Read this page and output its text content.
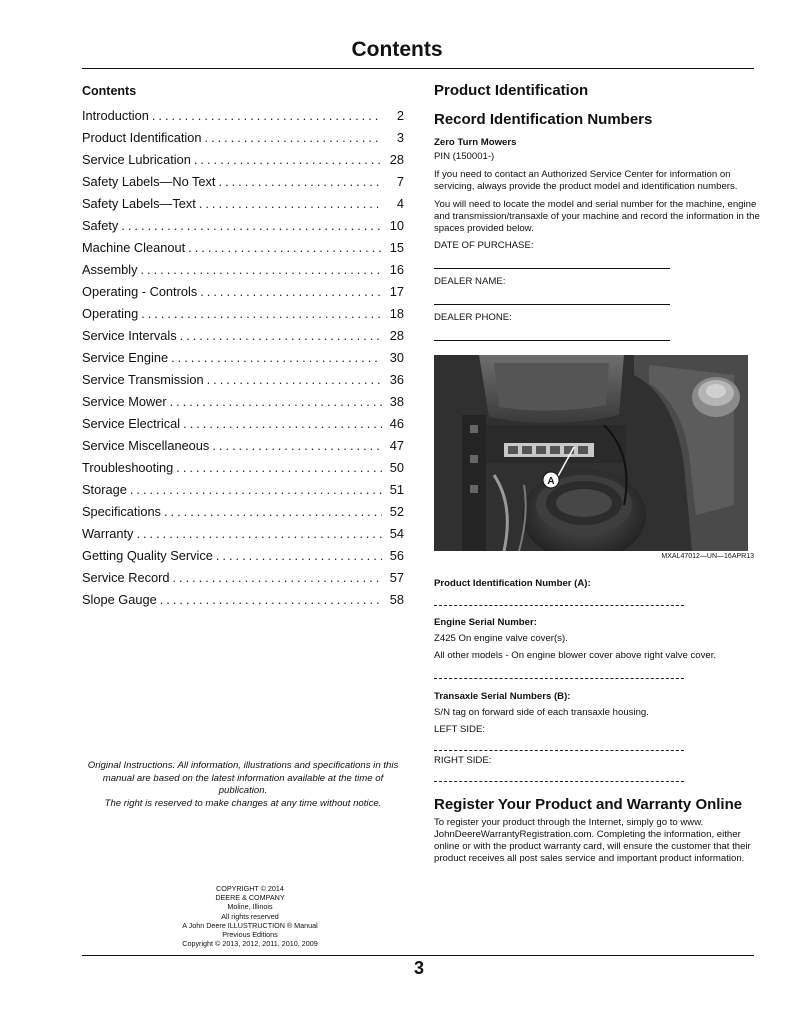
Contents
Contents
Introduction .....	2
Product Identification .....	3
Service Lubrication .....	28
Safety Labels—No Text .....	7
Safety Labels—Text .....	4
Safety .....	10
Machine Cleanout .....	15
Assembly .....	16
Operating - Controls .....	17
Operating .....	18
Service Intervals .....	28
Service Engine .....	30
Service Transmission .....	36
Service Mower .....	38
Service Electrical .....	46
Service Miscellaneous .....	47
Troubleshooting .....	50
Storage .....	51
Specifications .....	52
Warranty .....	54
Getting Quality Service .....	56
Service Record .....	57
Slope Gauge .....	58
Original Instructions. All information, illustrations and specifications in this manual are based on the latest information available at the time of publication.
The right is reserved to make changes at any time without notice.
COPYRIGHT © 2014
DEERE & COMPANY
Moline, Illinois
All rights reserved
A John Deere ILLUSTRUCTION ® Manual
Previous Editions
Copyright © 2013, 2012, 2011, 2010, 2009
Product Identification
Record Identification Numbers
Zero Turn Mowers
PIN (150001-)
If you need to contact an Authorized Service Center for information on servicing, always provide the product model and identification numbers.
You will need to locate the model and serial number for the machine, engine and transmission/transaxle of your machine and record the information in the spaces provided below.
DATE OF PURCHASE:
DEALER NAME:
DEALER PHONE:
A
MXAL47012—UN—16APR13
Product Identification Number (A):
Engine Serial Number:
Z425 On engine valve cover(s).
All other models - On engine blower cover above right valve cover.
Transaxle Serial Numbers (B):
S/N tag on forward side of each transaxle housing.
LEFT SIDE:
RIGHT SIDE:
Register Your Product and Warranty Online
To register your product through the Internet, simply go to www. JohnDeereWarrantyRegistration.com. Completing the information, either online or with the product warranty card, will ensure the customer that their product receives all post sales service and important product information.
3
